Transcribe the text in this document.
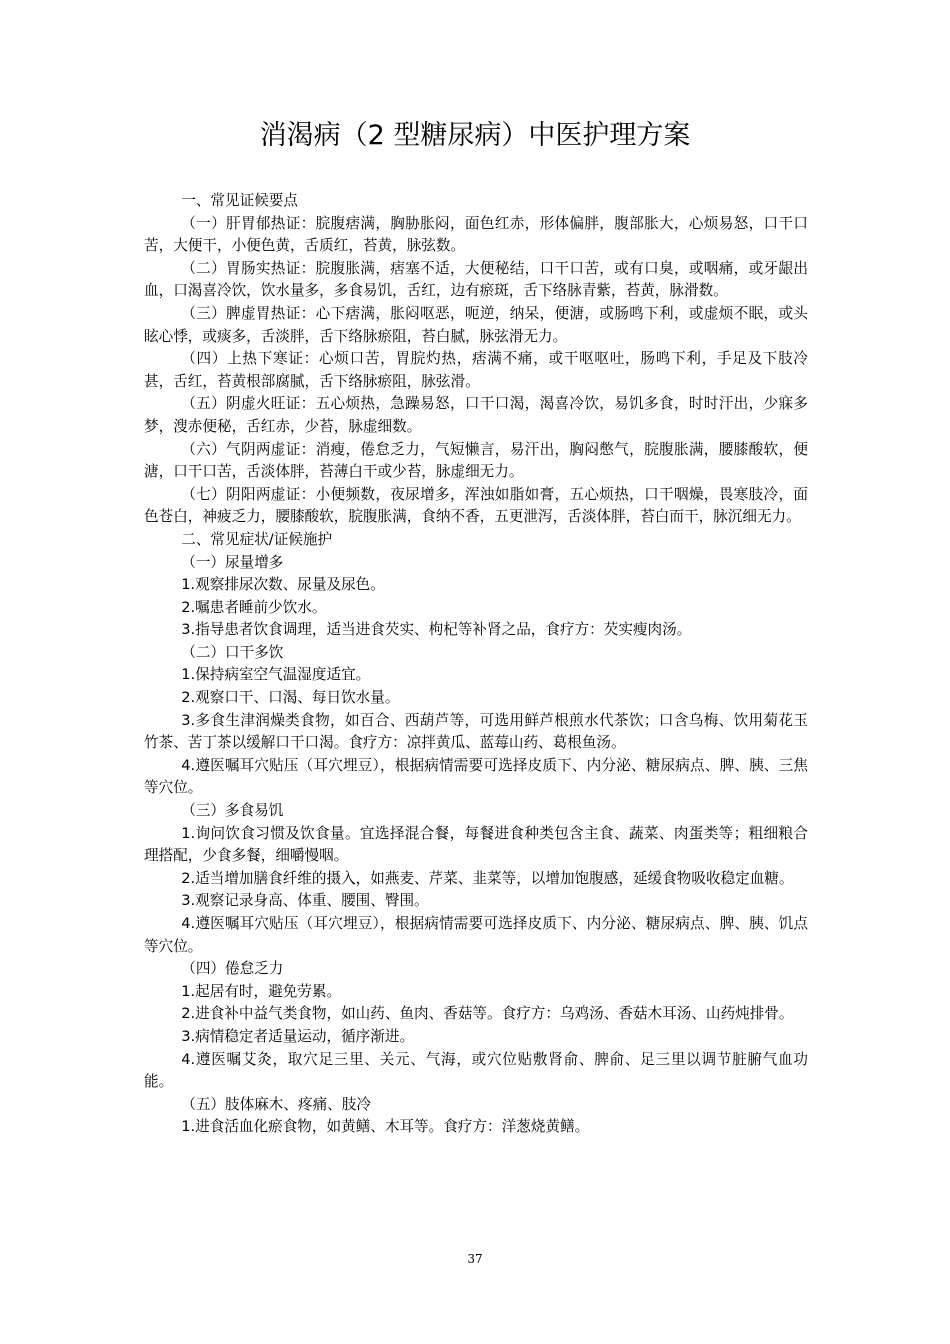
消渴病（2 型糖尿病）中医护理方案

一、常见证候要点

（一）肝胃郁热证：脘腹痞满，胸胁胀闷，面色红赤，形体偏胖，腹部胀大，心烦易怒，口干口苦，大便干，小便色黄，舌质红，苔黄，脉弦数。

（二）胃肠实热证：脘腹胀满，痞塞不适，大便秘结，口干口苦，或有口臭，或咽痛，或牙龈出血，口渴喜冷饮，饮水量多，多食易饥，舌红，边有瘀斑，舌下络脉青紫，苔黄，脉滑数。

（三）脾虚胃热证：心下痞满，胀闷呕恶，呃逆，纳呆，便溏，或肠鸣下利，或虚烦不眠，或头眩心悸，或痰多，舌淡胖，舌下络脉瘀阻，苔白腻，脉弦滑无力。

（四）上热下寒证：心烦口苦，胃脘灼热，痞满不痛，或干呕呕吐，肠鸣下利，手足及下肢冷甚，舌红，苔黄根部腐腻，舌下络脉瘀阻，脉弦滑。

（五）阴虚火旺证：五心烦热，急躁易怒，口干口渴，渴喜冷饮，易饥多食，时时汗出，少寐多梦，溲赤便秘，舌红赤，少苔，脉虚细数。

（六）气阴两虚证：消瘦，倦怠乏力，气短懒言，易汗出，胸闷憋气，脘腹胀满，腰膝酸软，便溏，口干口苦，舌淡体胖，苔薄白干或少苔，脉虚细无力。

（七）阴阳两虚证：小便频数，夜尿增多，浑浊如脂如膏，五心烦热，口干咽燥，畏寒肢冷，面色苍白，神疲乏力，腰膝酸软，脘腹胀满，食纳不香，五更泄泻，舌淡体胖，苔白而干，脉沉细无力。

二、常见症状/证候施护

（一）尿量增多

1.观察排尿次数、尿量及尿色。

2.嘱患者睡前少饮水。

3.指导患者饮食调理，适当进食芡实、枸杞等补肾之品，食疗方：芡实瘦肉汤。

（二）口干多饮

1.保持病室空气温湿度适宜。

2.观察口干、口渴、每日饮水量。

3.多食生津润燥类食物，如百合、西葫芦等，可选用鲜芦根煎水代茶饮；口含乌梅、饮用菊花玉竹茶、苦丁茶以缓解口干口渴。食疗方：凉拌黄瓜、蓝莓山药、葛根鱼汤。

4.遵医嘱耳穴贴压（耳穴埋豆），根据病情需要可选择皮质下、内分泌、糖尿病点、脾、胰、三焦等穴位。

（三）多食易饥

1.询问饮食习惯及饮食量。宜选择混合餐，每餐进食种类包含主食、蔬菜、肉蛋类等；粗细粮合理搭配，少食多餐，细嚼慢咽。

2.适当增加膳食纤维的摄入，如燕麦、芹菜、韭菜等，以增加饱腹感，延缓食物吸收稳定血糖。

3.观察记录身高、体重、腰围、臀围。

4.遵医嘱耳穴贴压（耳穴埋豆），根据病情需要可选择皮质下、内分泌、糖尿病点、脾、胰、饥点等穴位。

（四）倦怠乏力

1.起居有时，避免劳累。

2.进食补中益气类食物，如山药、鱼肉、香菇等。食疗方：乌鸡汤、香菇木耳汤、山药炖排骨。

3.病情稳定者适量运动，循序渐进。

4.遵医嘱艾灸，取穴足三里、关元、气海，或穴位贴敷肾俞、脾俞、足三里以调节脏腑气血功能。

（五）肢体麻木、疼痛、肢冷

1.进食活血化瘀食物，如黄鳝、木耳等。食疗方：洋葱烧黄鳝。

37
